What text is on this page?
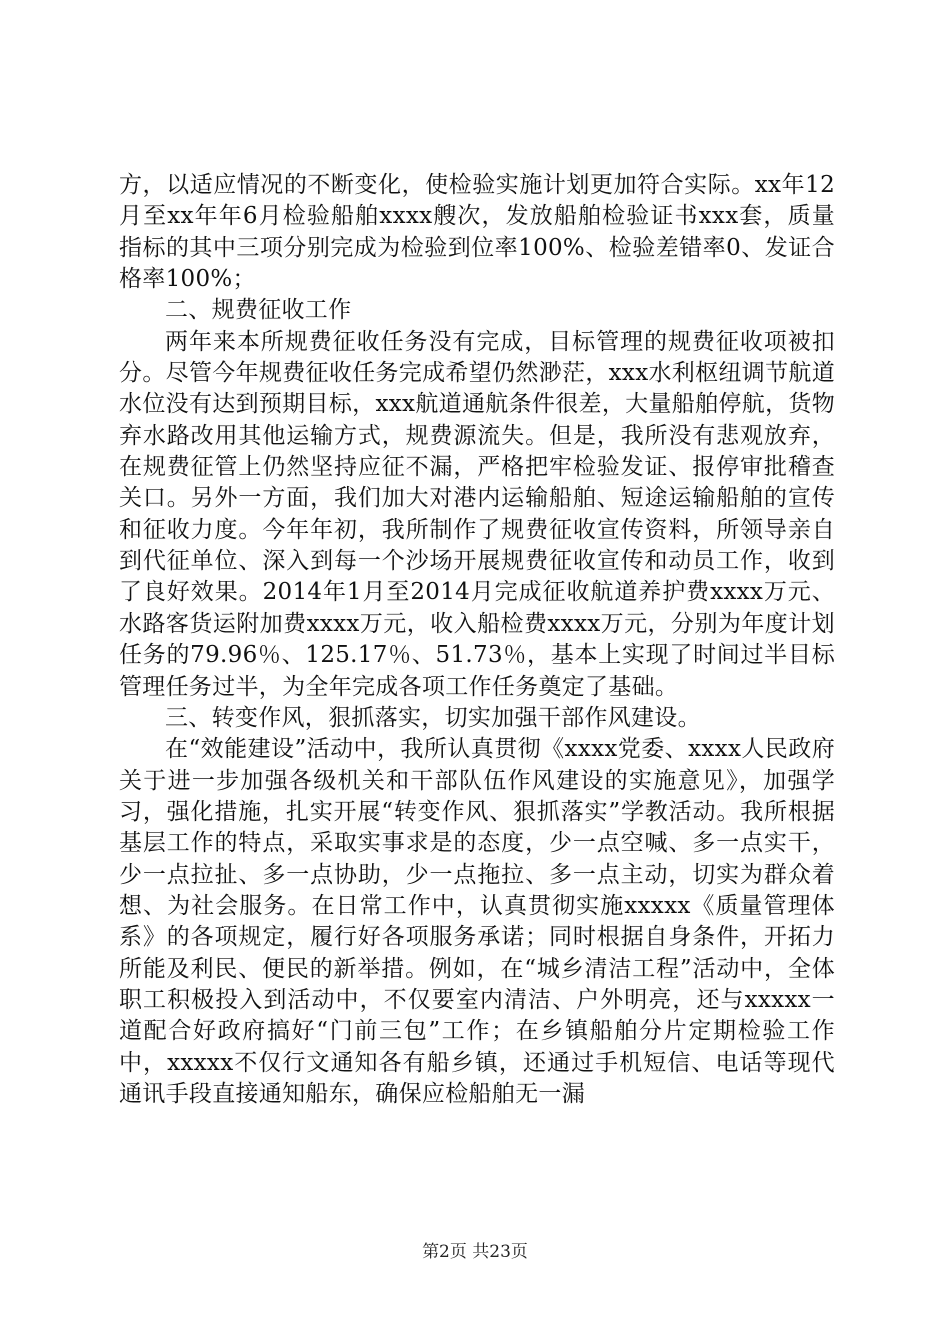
方，以适应情况的不断变化，使检验实施计划更加符合实际。xx年12月至xx年年6月检验船舶xxxx艘次，发放船舶检验证书xxx套，质量指标的其中三项分别完成为检验到位率100%、检验差错率0、发证合格率100%；

二、规费征收工作

两年来本所规费征收任务没有完成，目标管理的规费征收项被扣分。尽管今年规费征收任务完成希望仍然渺茫，xxx水利枢纽调节航道水位没有达到预期目标，xxx航道通航条件很差，大量船舶停航，货物弃水路改用其他运输方式，规费源流失。但是，我所没有悲观放弃，在规费征管上仍然坚持应征不漏，严格把牢检验发证、报停审批稽查关口。另外一方面，我们加大对港内运输船舶、短途运输船舶的宣传和征收力度。今年年初，我所制作了规费征收宣传资料，所领导亲自到代征单位、深入到每一个沙场开展规费征收宣传和动员工作，收到了良好效果。2014年1月至2014月完成征收航道养护费xxxx万元、水路客货运附加费xxxx万元，收入船检费xxxx万元，分别为年度计划任务的79.96％、125.17％、51.73％，基本上实现了时间过半目标管理任务过半，为全年完成各项工作任务奠定了基础。

三、转变作风，狠抓落实，切实加强干部作风建设。

在“效能建设”活动中，我所认真贯彻《xxxx党委、xxxx人民政府关于进一步加强各级机关和干部队伍作风建设的实施意见》，加强学习，强化措施，扎实开展“转变作风、狠抓落实”学教活动。我所根据基层工作的特点，采取实事求是的态度，少一点空喊、多一点实干，少一点拉扯、多一点协助，少一点拖拉、多一点主动，切实为群众着想、为社会服务。在日常工作中，认真贯彻实施xxxxx《质量管理体系》的各项规定，履行好各项服务承诺；同时根据自身条件，开拓力所能及利民、便民的新举措。例如，在“城乡清洁工程”活动中，全体职工积极投入到活动中，不仅要室内清洁、户外明亮，还与xxxxx一道配合好政府搞好“门前三包”工作；在乡镇船舶分片定期检验工作中，xxxxx不仅行文通知各有船乡镇，还通过手机短信、电话等现代通讯手段直接通知船东，确保应检船舶无一漏

第2页 共23页
